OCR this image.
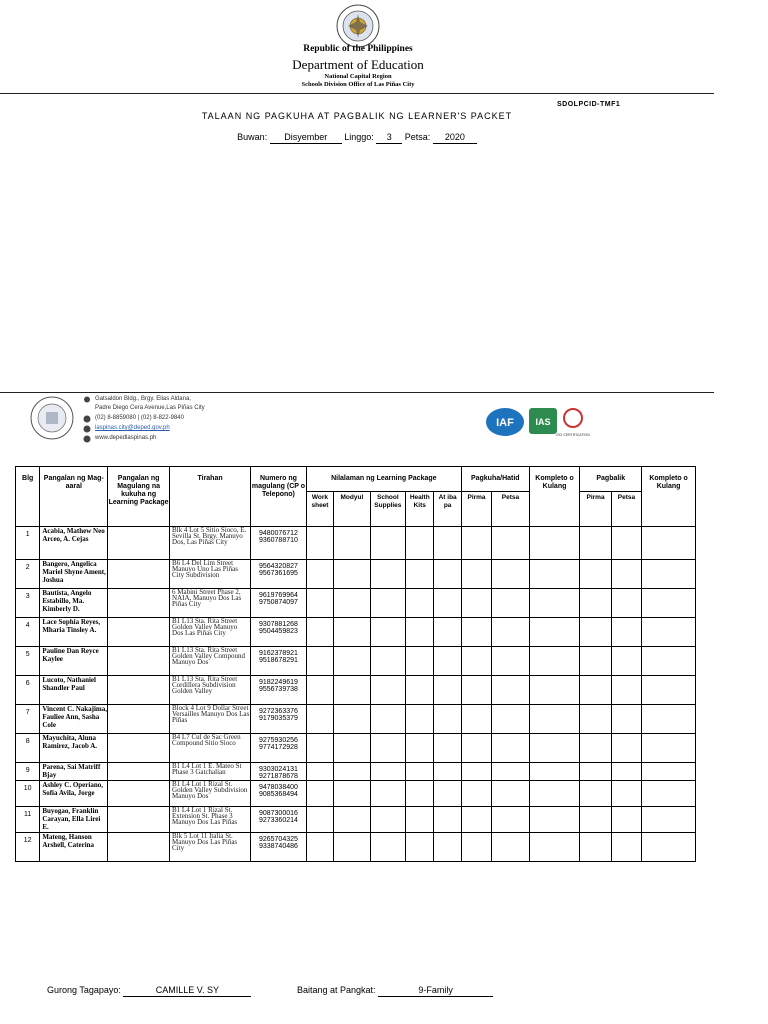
Republic of the Philippines
Department of Education
National Capital Region
Schools Division Office of Las Piñas City
SDOLPCID-TMF1
TALAAN NG PAGKUHA AT PAGBALIK NG LEARNER'S PACKET
Buwan: Disyember Linggo: 3 Petsa: 2020
Gatsaldon Bldg., Brgy. Elias Aldana,
Padre Diego Cera Avenue,Las Piñas City
(02) 8-8859080 | (02) 8-822-9840
laspinas.city@deped.gov.ph
www.depedlaspinas.ph
IAF IAS
ISO CERTIFICATION
Blg	Pangalan ng Mag-aaral	Pangalan ng Magulang na kukuha ng Learning Package	Tirahan	Numero ng magulang (CP o Telepono)	Nilalaman ng Learning Package					Pagkuha/Hatid		Kompleto o Kulang	Pagbalik		Kompleto o Kulang
					Work sheet	Modyul	School Supplies	Health Kits	At iba pa	Pirma	Petsa		Pirma	Petsa	
1	Acabia, Mathew Neo Arceo, A. Cejas		Blk 4 Lot 5 Sitio Sioco, E. Sevilla St. Brgy. Manuyo Dos, Las Piñas City	9480076712 9360788710											
2	Bangero, Angelica Mariel Shyne Ament, Joshua		B6 L4 Del Lim Street Manuyo Uno Las Piñas City Subdivision	9564320827 9567361695											
3	Bautista, Angelo Estabillo, Ma. Kimberly D.		6 Mabini Street Phase 2, NAIA, Manuyo Dos Las Piñas City	9619769964 9750874097											
4	Lace Sophia Reyes, Mharia Tinsley A.		B1 L13 Sta. Rita Street Golden Valley Manuyo Dos Las Piñas City	9307881268 9504459823											
5	Pauline Dan Reyce Kaylee		B1 L13 Sta. Rita Street Golden Valley Compound Manuyo Dos	9162378921 9518678291											
6	Lucoto, Nathaniel Shandler Paul		B1 L13 Sta. Rita Street Cordillera Subdivision Golden Valley	9182249619 9556739738											
7	Vincent C. Nakajima, Fauliee Ann, Sasha Cole		Block 4 Lot 9 Dollar Street Versailles Manuyo Dos Las Piñas	9272363376 9179035379											
8	Mayuchita, Aluna Ramirez, Jacob A.		B4 L7 Cul de Sac Green Compound Sitio Sioco	9275930256 9774172928											
9	Parena, Sai Matriff Bjay		B1 L4 Lot 1 E. Mateo St Phase 3 Gatchalian	9303024131 9271878678											
10	Ashley C. Operiano, Sofia Avila, Jorge		B1 L4 Lot 1 Rizal St. Golden Valley Subdivision Manuyo Dos	9478038400 9085368494											
11	Buyogao, Franklin Carayan, Ella Lirei E.		B1 L4 Lot 1 Rizal St. Extension St. Phase 3 Manuyo Dos Las Piñas	9087300016 9273360214											
12	Mateng, Hanson Arshell, Caterina		Blk 5 Lot 11 Italia St. Manuyo Dos Las Piñas City	9265704325 9338740486											
Gurong Tagapayo:	CAMILLE V. SY	Baitang at Pangkat:	9-Family
